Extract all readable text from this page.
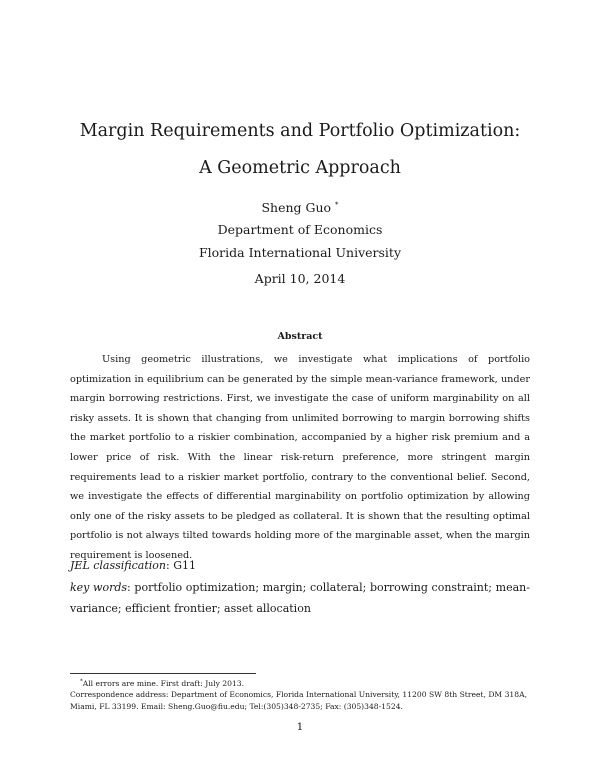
Margin Requirements and Portfolio Optimization:
A Geometric Approach
Sheng Guo *
Department of Economics
Florida International University
April 10, 2014
Abstract

Using geometric illustrations, we investigate what implications of portfolio optimization in equilibrium can be generated by the simple mean-variance framework, under margin borrowing restrictions. First, we investigate the case of uniform marginability on all risky assets. It is shown that changing from unlimited borrowing to margin borrowing shifts the market portfolio to a riskier combination, accompanied by a higher risk premium and a lower price of risk. With the linear risk-return preference, more stringent margin requirements lead to a riskier market portfolio, contrary to the conventional belief. Second, we investigate the effects of differential marginability on portfolio optimization by allowing only one of the risky assets to be pledged as collateral. It is shown that the resulting optimal portfolio is not always tilted towards holding more of the marginable asset, when the margin requirement is loosened.

JEL classification: G11

key words: portfolio optimization; margin; collateral; borrowing constraint; mean-variance; efficient frontier; asset allocation

*All errors are mine. First draft: July 2013.
Correspondence address: Department of Economics, Florida International University, 11200 SW 8th Street, DM 318A, Miami, FL 33199. Email: Sheng.Guo@fiu.edu; Tel:(305)348-2735; Fax: (305)348-1524.

1
